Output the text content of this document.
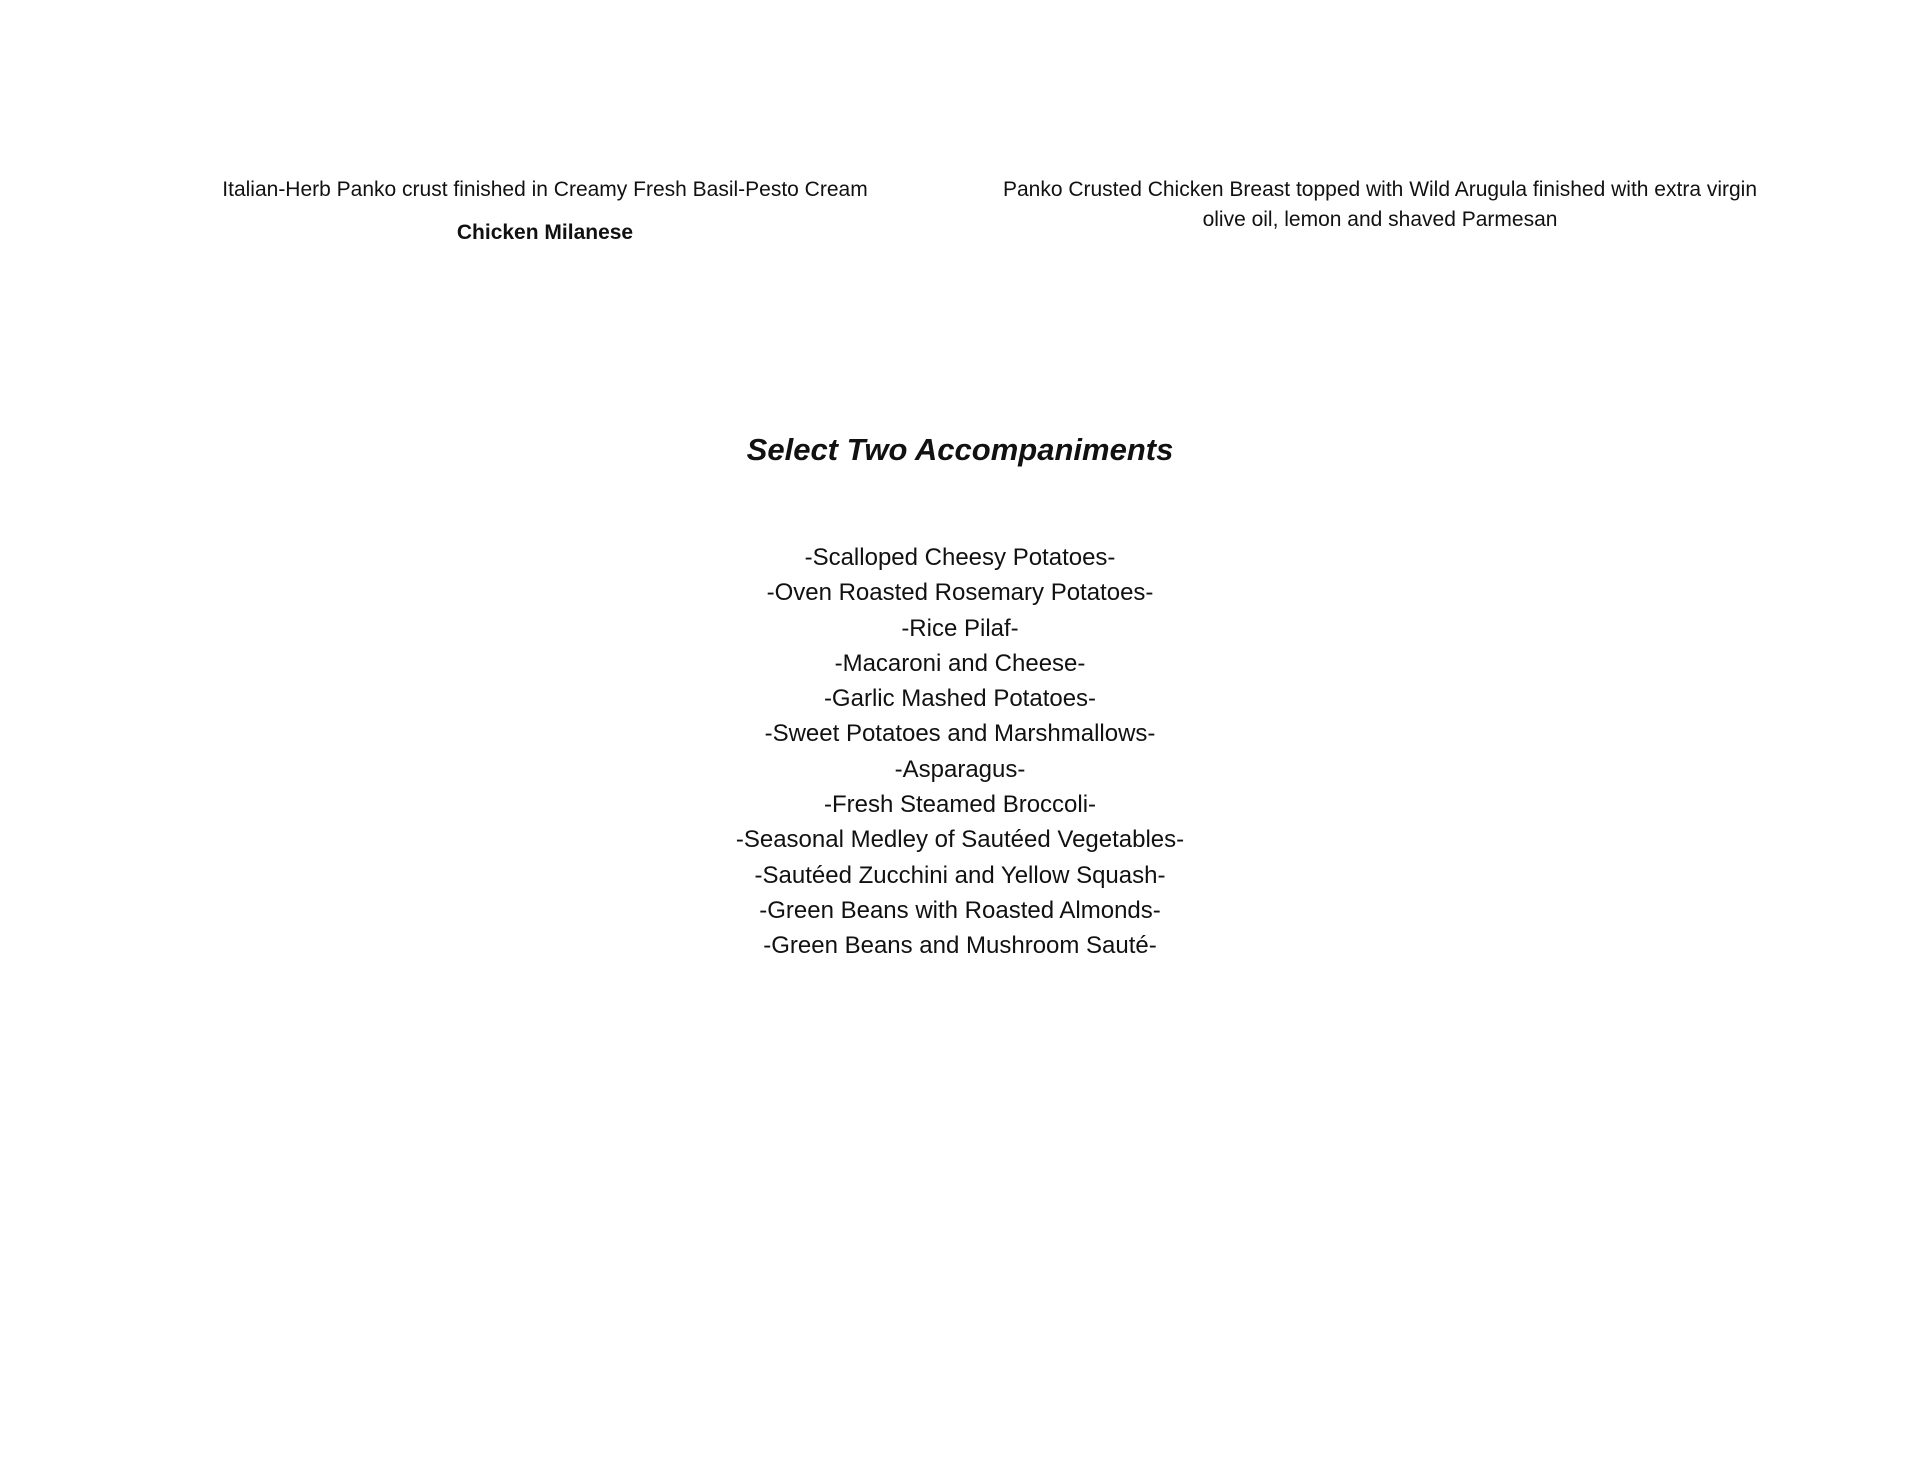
Italian-Herb Panko crust finished in Creamy Fresh Basil-Pesto Cream

Chicken Milanese

Panko Crusted Chicken Breast topped with Wild Arugula finished with extra virgin olive oil, lemon and shaved Parmesan

Select Two Accompaniments
-Scalloped Cheesy Potatoes-
-Oven Roasted Rosemary Potatoes-
-Rice Pilaf-
-Macaroni and Cheese-
-Garlic Mashed Potatoes-
-Sweet Potatoes and Marshmallows-
-Asparagus-
-Fresh Steamed Broccoli-
-Seasonal Medley of Sautéed Vegetables-
-Sautéed Zucchini and Yellow Squash-
-Green Beans with Roasted Almonds-
-Green Beans and Mushroom Sauté-
